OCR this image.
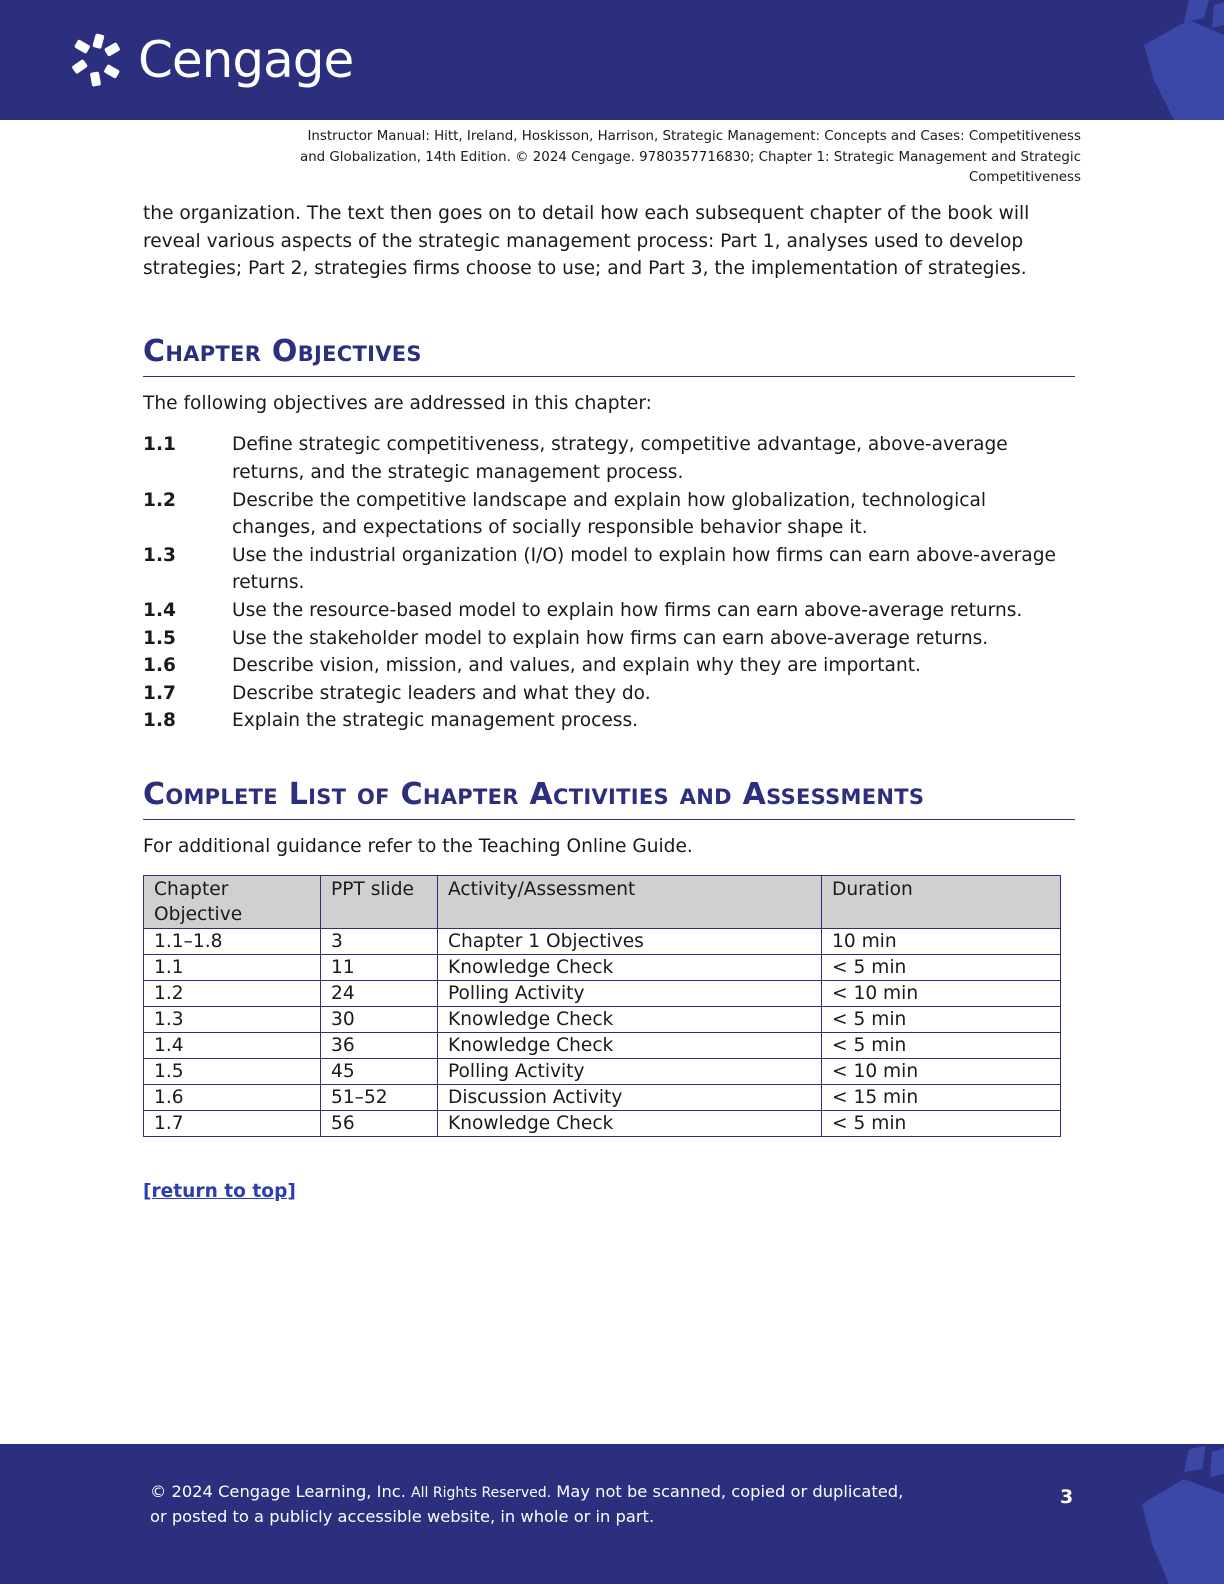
Cengage
Instructor Manual: Hitt, Ireland, Hoskisson, Harrison, Strategic Management: Concepts and Cases: Competitiveness
and Globalization, 14th Edition. © 2024 Cengage. 9780357716830; Chapter 1: Strategic Management and Strategic
Competitiveness

the organization. The text then goes on to detail how each subsequent chapter of the book will reveal various aspects of the strategic management process: Part 1, analyses used to develop strategies; Part 2, strategies firms choose to use; and Part 3, the implementation of strategies.

Chapter Objectives

The following objectives are addressed in this chapter:

1.1	Define strategic competitiveness, strategy, competitive advantage, above-average returns, and the strategic management process.
1.2	Describe the competitive landscape and explain how globalization, technological changes, and expectations of socially responsible behavior shape it.
1.3	Use the industrial organization (I/O) model to explain how firms can earn above-average returns.
1.4	Use the resource-based model to explain how firms can earn above-average returns.
1.5	Use the stakeholder model to explain how firms can earn above-average returns.
1.6	Describe vision, mission, and values, and explain why they are important.
1.7	Describe strategic leaders and what they do.
1.8	Explain the strategic management process.
Complete List of Chapter Activities and Assessments

For additional guidance refer to the Teaching Online Guide.

Chapter Objective	PPT slide	Activity/Assessment	Duration
1.1–1.8	3	Chapter 1 Objectives	10 min
1.1	11	Knowledge Check	< 5 min
1.2	24	Polling Activity	< 10 min
1.3	30	Knowledge Check	< 5 min
1.4	36	Knowledge Check	< 5 min
1.5	45	Polling Activity	< 10 min
1.6	51–52	Discussion Activity	< 15 min
1.7	56	Knowledge Check	< 5 min
[return to top]
© 2024 Cengage Learning, Inc. All Rights Reserved. May not be scanned, copied or duplicated, or posted to a publicly accessible website, in whole or in part.
3
